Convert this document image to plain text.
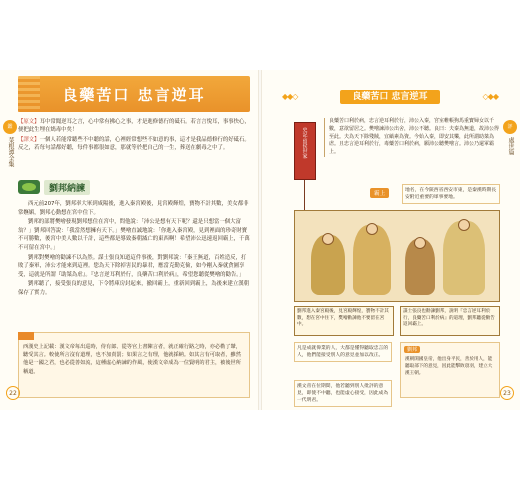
鑑
菜根譚全集
良藥苦口 忠言逆耳

【原文】耳中常聞逆耳之言，心中常有拂心之事，才是進修德行的砥石。若言言悅耳，事事快心，便把此生埋在鴆毒中矣！

【譯文】一個人若能常聽些不中聽的話，心裡經常想些不如意的事，這才是我品德修行的好砥石。反之，若每句話都好聽，每件事都很如意，那就等於把自己的一生，葬送在劇毒之中了。

劉邦納諫

西元前207年，劉邦率大軍到咸陽後，進入秦宮殿後，見宮殿輝煌，寶物不計其數，美女都非常嫵媚，劉邦心動想在宮中住下。

劉邦的部將樊噲發現劉邦想住在宮中，問他說：「沛公是想有天下呢？還是只想當一個大富翁？」劉邦回答說：「我當然想擁有天下。」樊噲直誠地說：「你進入秦宮殿，見到裡面的珍奇財寶不可勝數，後宮中美人數以千計，這些都是導致秦朝滅亡的東西啊！希望沛公迅速返回霸上，千萬不可留在宮中。」

劉邦對樊噲的勸諫不以為然。謀士張良知道這件事後，對劉邦說：「秦王無道，百姓造反，打敗了秦軍，沛公才能來到這裡。您為天下除掉害民的暴君，應當克勤克儉，如今剛入秦就貪圖享受，這就是所謂『助桀為虐』。『忠言逆耳利於行，良藥苦口利於病』，希望您聽從樊噲的勸告。」

劉邦聽了，接受張良的意見，下令將庫房封起來，撤回霸上，重新回到霸上，為後來建立漢朝保存了實力。

西漢史上記載：漢文帝每出巡時，侍有郎、從等官上書陳言者，就正確行路之時，亦必勒了輦，聽受其言。較使所言沒有道理，也不加責罰；如果言之有理，他就採納。如其言有可取者，雖然他是一國之君，也必從善如流，這種虛心納諫的作風，使漢文帝成為一位賢明的君主，被後世所稱道。
22
評
處世篇
◆◆◇	良藥苦口 忠言逆耳	◇◆◆
史記·留侯世家
良藥苦口利於病，忠言逆耳利於行，沛公入秦，宮室帷帳狗馬重寶婦女以千數，意欲留居之。樊噲諫沛公出舍，沛公不聽。良曰：夫秦為無道，故沛公得至此。夫為天下除殘賊，宜縞素為資。今始入秦，即安其樂，此所謂助桀為虐。且忠言逆耳利於行，毒藥苦口利於病，願沛公聽樊噲言。沛公乃還軍霸上。
霸上
地名，在今陝西省西安市東，是秦漢時期長安附近重要的軍事要地。
劉邦進入秦宮殿後，見宮殿輝煌，寶物不計其數，想在宮中住下，樊噲勸諫他不要留在宮中。
謀士張良也勸諫劉邦，說明『忠言逆耳利於行，良藥苦口利於病』的道理，劉邦聽從勸告返回霸上。
凡是成就偉業的人，大都是懂得聽取忠言的人，他們能接受別人的意見並加以改正。
漢文帝在位期間，他若聽到別人批評的意見，即使不中聽，也能虛心接受，因此成為一代明君。
劉邦
漢朝開國皇帝，他出身平民，善於用人，能聽取部下的意見，因此能擊敗項羽，建立大漢王朝。
23
